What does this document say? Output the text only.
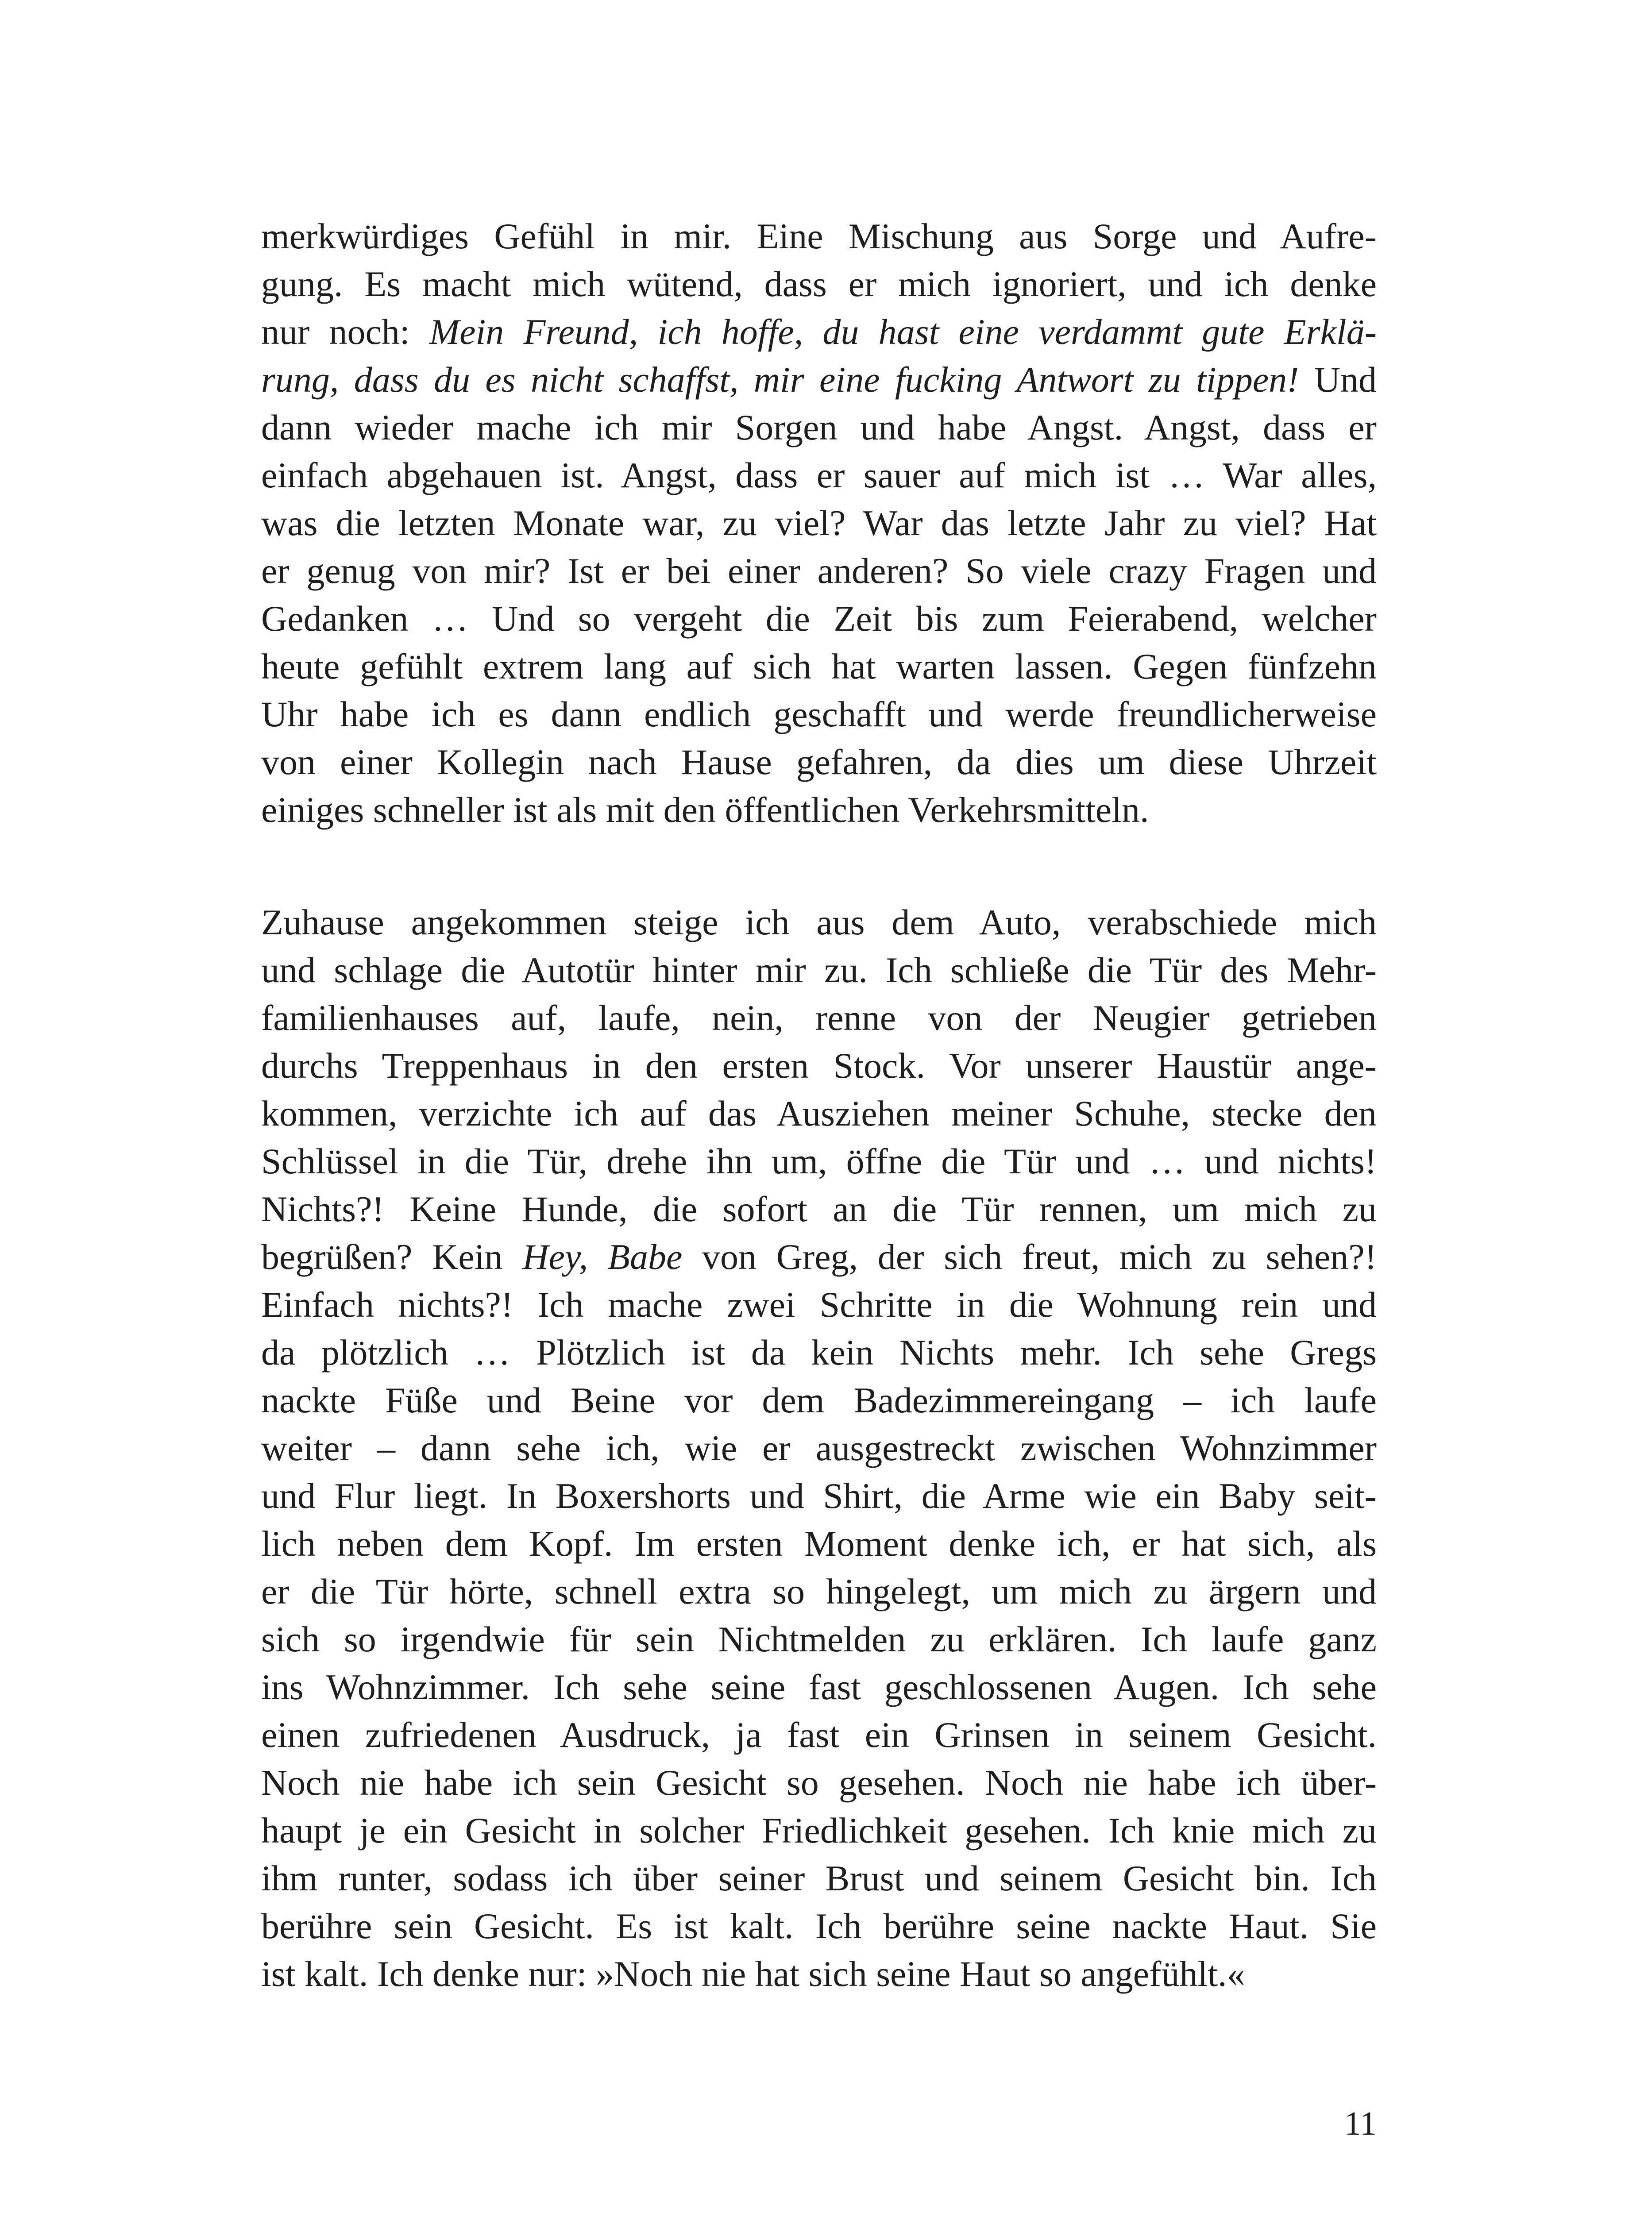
merkwürdiges Gefühl in mir. Eine Mischung aus Sorge und Aufre-
gung. Es macht mich wütend, dass er mich ignoriert, und ich denke
nur noch: Mein Freund, ich hoffe, du hast eine verdammt gute Erklä-
rung, dass du es nicht schaffst, mir eine fucking Antwort zu tippen! Und
dann wieder mache ich mir Sorgen und habe Angst. Angst, dass er
einfach abgehauen ist. Angst, dass er sauer auf mich ist … War alles,
was die letzten Monate war, zu viel? War das letzte Jahr zu viel? Hat
er genug von mir? Ist er bei einer anderen? So viele crazy Fragen und
Gedanken … Und so vergeht die Zeit bis zum Feierabend, welcher
heute gefühlt extrem lang auf sich hat warten lassen. Gegen fünfzehn
Uhr habe ich es dann endlich geschafft und werde freundlicherweise
von einer Kollegin nach Hause gefahren, da dies um diese Uhrzeit
einiges schneller ist als mit den öffentlichen Verkehrsmitteln.
Zuhause angekommen steige ich aus dem Auto, verabschiede mich
und schlage die Autotür hinter mir zu. Ich schließe die Tür des Mehr-
familienhauses auf, laufe, nein, renne von der Neugier getrieben
durchs Treppenhaus in den ersten Stock. Vor unserer Haustür ange-
kommen, verzichte ich auf das Ausziehen meiner Schuhe, stecke den
Schlüssel in die Tür, drehe ihn um, öffne die Tür und … und nichts!
Nichts?! Keine Hunde, die sofort an die Tür rennen, um mich zu
begrüßen? Kein Hey, Babe von Greg, der sich freut, mich zu sehen?!
Einfach nichts?! Ich mache zwei Schritte in die Wohnung rein und
da plötzlich … Plötzlich ist da kein Nichts mehr. Ich sehe Gregs
nackte Füße und Beine vor dem Badezimmereingang – ich laufe
weiter – dann sehe ich, wie er ausgestreckt zwischen Wohnzimmer
und Flur liegt. In Boxershorts und Shirt, die Arme wie ein Baby seit-
lich neben dem Kopf. Im ersten Moment denke ich, er hat sich, als
er die Tür hörte, schnell extra so hingelegt, um mich zu ärgern und
sich so irgendwie für sein Nichtmelden zu erklären. Ich laufe ganz
ins Wohnzimmer. Ich sehe seine fast geschlossenen Augen. Ich sehe
einen zufriedenen Ausdruck, ja fast ein Grinsen in seinem Gesicht.
Noch nie habe ich sein Gesicht so gesehen. Noch nie habe ich über-
haupt je ein Gesicht in solcher Friedlichkeit gesehen. Ich knie mich zu
ihm runter, sodass ich über seiner Brust und seinem Gesicht bin. Ich
berühre sein Gesicht. Es ist kalt. Ich berühre seine nackte Haut. Sie
ist kalt. Ich denke nur: »Noch nie hat sich seine Haut so angefühlt.«
11
